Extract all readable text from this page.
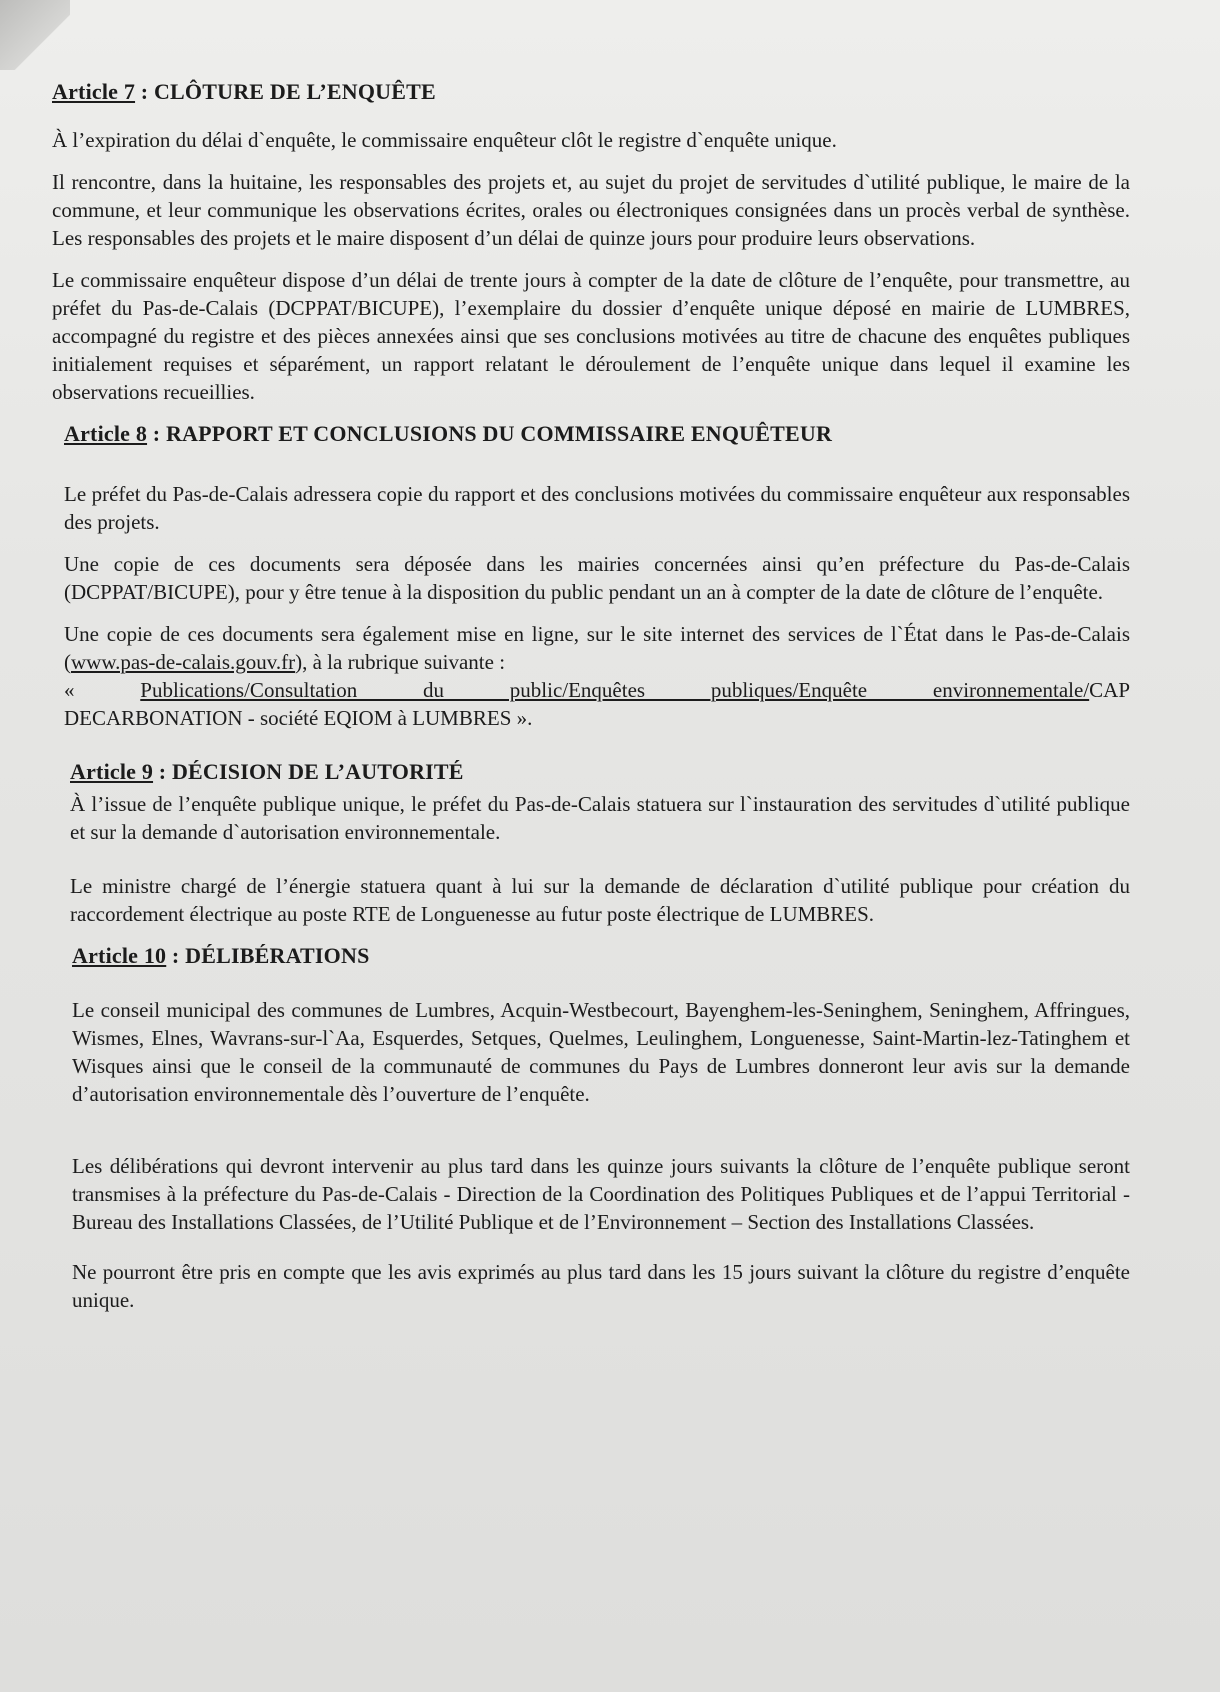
Article 7 : CLÔTURE DE L’ENQUÊTE

À l’expiration du délai d`enquête, le commissaire enquêteur clôt le registre d`enquête unique.

Il rencontre, dans la huitaine, les responsables des projets et, au sujet du projet de servitudes d`utilité publique, le maire de la commune, et leur communique les observations écrites, orales ou électroniques consignées dans un procès verbal de synthèse. Les responsables des projets et le maire disposent d’un délai de quinze jours pour produire leurs observations.

Le commissaire enquêteur dispose d’un délai de trente jours à compter de la date de clôture de l’enquête, pour transmettre, au préfet du Pas-de-Calais (DCPPAT/BICUPE), l’exemplaire du dossier d’enquête unique déposé en mairie de LUMBRES, accompagné du registre et des pièces annexées ainsi que ses conclusions motivées au titre de chacune des enquêtes publiques initialement requises et séparément, un rapport relatant le déroulement de l’enquête unique dans lequel il examine les observations recueillies.

Article 8 : RAPPORT ET CONCLUSIONS DU COMMISSAIRE ENQUÊTEUR

Le préfet du Pas-de-Calais adressera copie du rapport et des conclusions motivées du commissaire enquêteur aux responsables des projets.

Une copie de ces documents sera déposée dans les mairies concernées ainsi qu’en préfecture du Pas-de-Calais (DCPPAT/BICUPE), pour y être tenue à la disposition du public pendant un an à compter de la date de clôture de l’enquête.

Une copie de ces documents sera également mise en ligne, sur le site internet des services de l`État dans le Pas-de-Calais (www.pas-de-calais.gouv.fr), à la rubrique suivante :

« Publications/Consultation du public/Enquêtes publiques/Enquête environnementale/CAP

DECARBONATION - société EQIOM à LUMBRES ».

Article 9 : DÉCISION DE L’AUTORITÉ

À l’issue de l’enquête publique unique, le préfet du Pas-de-Calais statuera sur l`instauration des servitudes d`utilité publique et sur la demande d`autorisation environnementale.

Le ministre chargé de l’énergie statuera quant à lui sur la demande de déclaration d`utilité publique pour création du raccordement électrique au poste RTE de Longuenesse au futur poste électrique de LUMBRES.

Article 10 : DÉLIBÉRATIONS

Le conseil municipal des communes de Lumbres, Acquin-Westbecourt, Bayenghem-les-Seninghem, Seninghem, Affringues, Wismes, Elnes, Wavrans-sur-l`Aa, Esquerdes, Setques, Quelmes, Leulinghem, Longuenesse, Saint-Martin-lez-Tatinghem et Wisques ainsi que le conseil de la communauté de communes du Pays de Lumbres donneront leur avis sur la demande d’autorisation environnementale dès l’ouverture de l’enquête.

Les délibérations qui devront intervenir au plus tard dans les quinze jours suivants la clôture de l’enquête publique seront transmises à la préfecture du Pas-de-Calais - Direction de la Coordination des Politiques Publiques et de l’appui Territorial - Bureau des Installations Classées, de l’Utilité Publique et de l’Environnement – Section des Installations Classées.

Ne pourront être pris en compte que les avis exprimés au plus tard dans les 15 jours suivant la clôture du registre d’enquête unique.
